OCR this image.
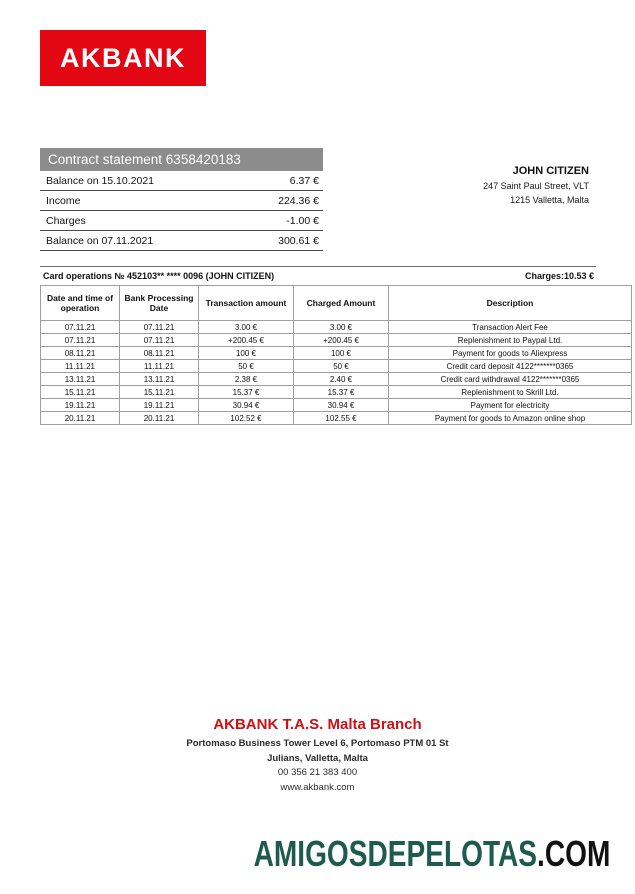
AKBANK
JOHN CITIZEN
247 Saint Paul Street, VLT
1215 Valletta, Malta
Contract statement 6358420183
Balance on 15.10.2021	6.37 €
Income	224.36 €
Charges	-1.00 €
Balance on 07.11.2021	300.61 €
Card operations № 452103** **** 0096 (JOHN CITIZEN)	Charges:10.53 €
Date and time of operation	Bank Processing Date	Transaction amount	Charged Amount	Description
07.11.21	07.11.21	3.00 €	3.00 €	Transaction Alert Fee
07.11.21	07.11.21	+200.45 €	+200.45 €	Replenishment to Paypal Ltd.
08.11.21	08.11.21	100 €	100 €	Payment for goods to Aliexpress
11.11.21	11.11.21	50 €	50 €	Credit card deposit 4122*******0365
13.11.21	13.11.21	2.38 €	2.40 €	Credit card withdrawal 4122*******0365
15.11.21	15.11.21	15.37 €	15.37 €	Replenishment to Skrill Ltd.
19.11.21	19.11.21	30.94 €	30.94 €	Payment for electricity
20.11.21	20.11.21	102.52 €	102.55 €	Payment for goods to Amazon online shop
AKBANK T.A.S. Malta Branch
Portomaso Business Tower Level 6, Portomaso PTM 01 St
Julians, Valletta, Malta
00 356 21 383 400
www.akbank.com
AMIGOSDEPELOTAS.COM
